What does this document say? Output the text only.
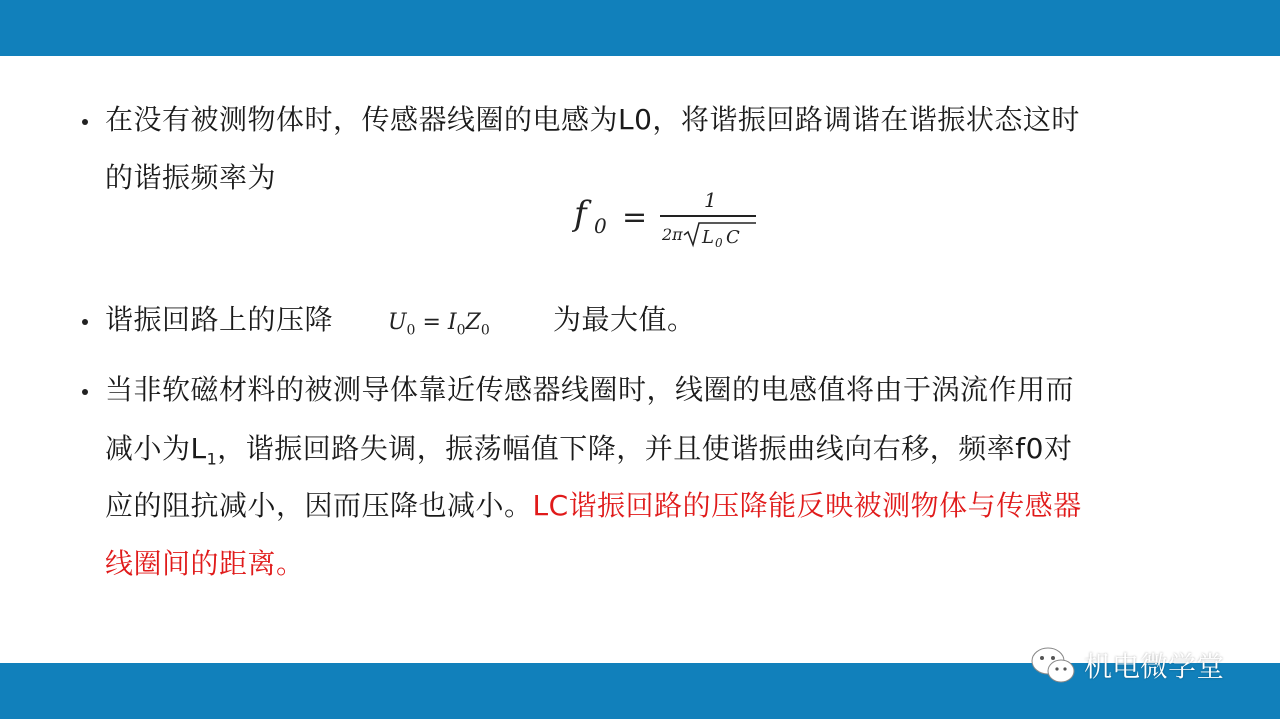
在没有被测物体时，传感器线圈的电感为L0，将谐振回路调谐在谐振状态这时
的谐振频率为
f 0 =	1
2π L 0 C
谐振回路上的压降 $U_0 = I_0Z_0$	为最大值。
当非软磁材料的被测导体靠近传感器线圈时，线圈的电感值将由于涡流作用而
减小为$L_1$，谐振回路失调，振荡幅值下降，并且使谐振曲线向右移，频率f0对
应的阻抗减小，因而压降也减小。LC谐振回路的压降能反映被测物体与传感器
线圈间的距离。
机电微学堂
